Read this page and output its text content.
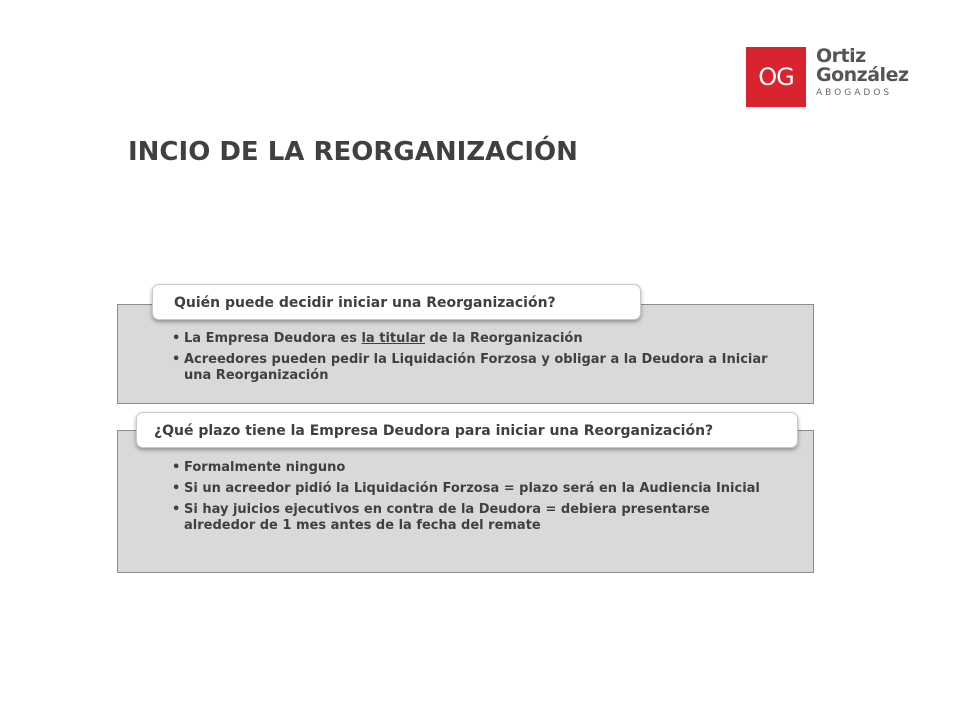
OG
Ortiz
González
ABOGADOS
INCIO DE LA REORGANIZACIÓN
Quién puede decidir iniciar una Reorganización?
• La Empresa Deudora es la titular de la Reorganización
• Acreedores pueden pedir la Liquidación Forzosa y obligar a la Deudora a Iniciar una Reorganización
¿Qué plazo tiene la Empresa Deudora para iniciar una Reorganización?
• Formalmente ninguno
• Si un acreedor pidió la Liquidación Forzosa = plazo será en la Audiencia Inicial
• Si hay juicios ejecutivos en contra de la Deudora = debiera presentarse alrededor de 1 mes antes de la fecha del remate
